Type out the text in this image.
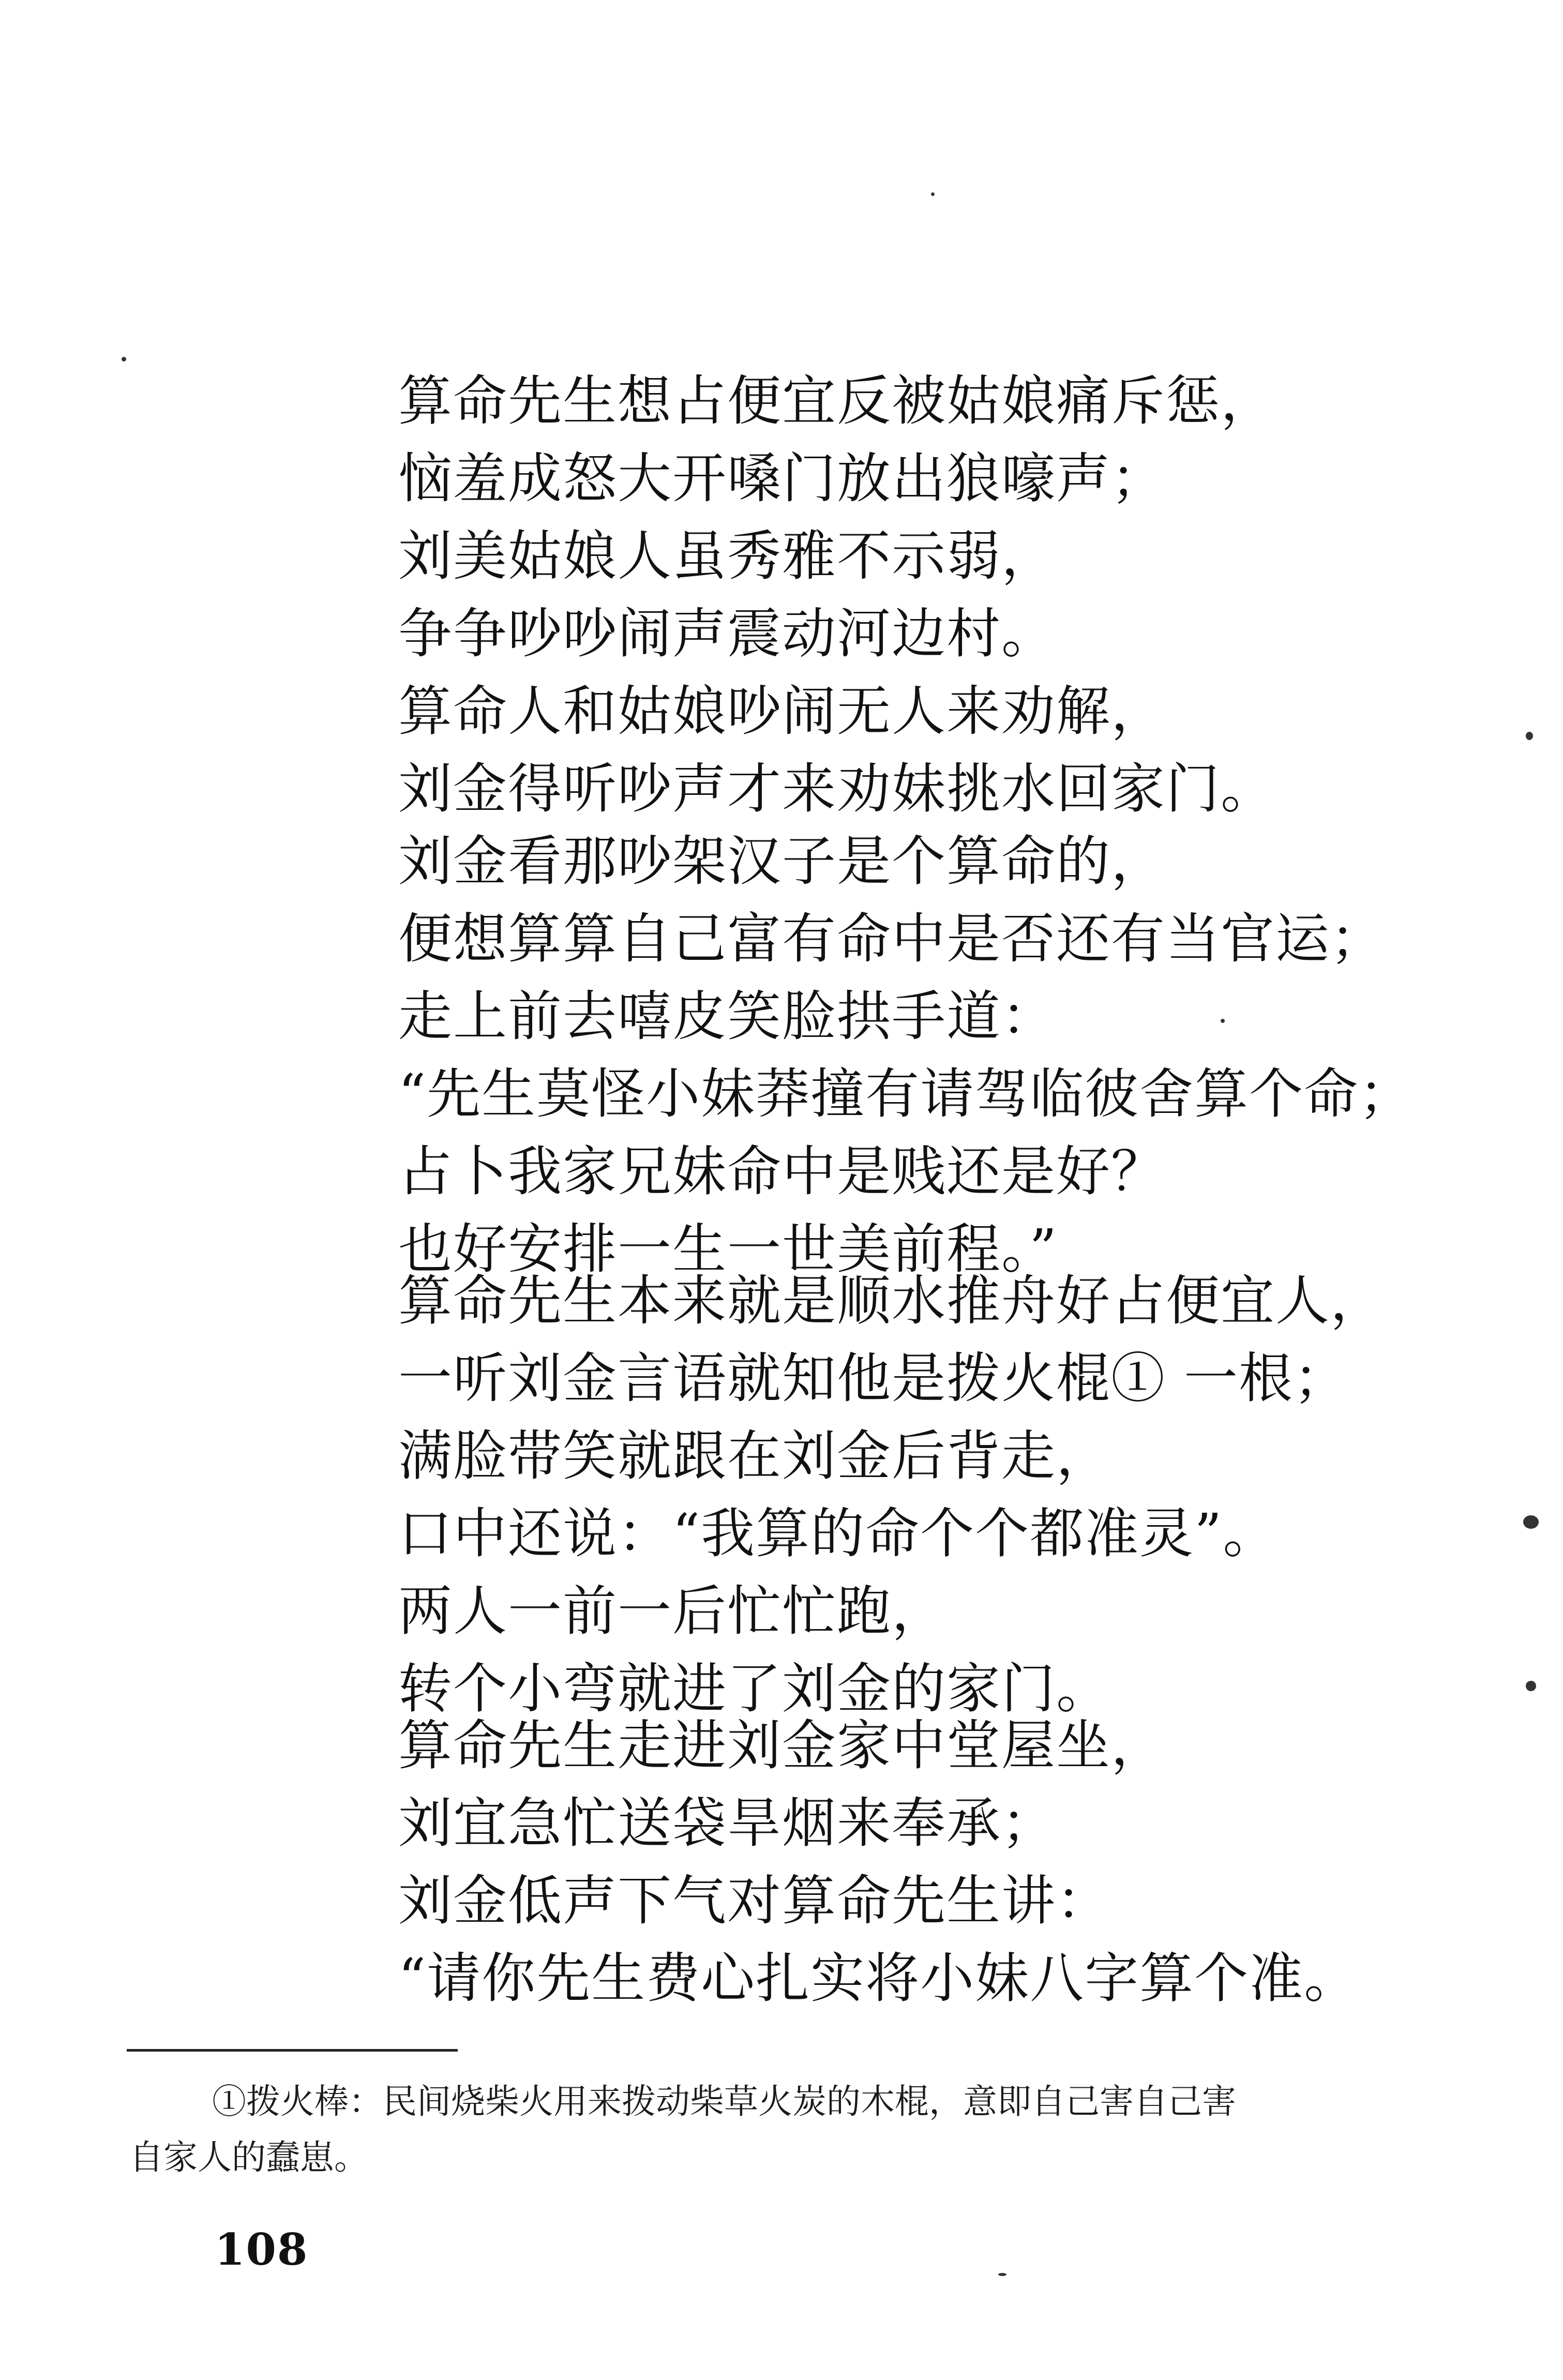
算命先生想占便宜反被姑娘痛斥惩，
恼羞成怒大开嗓门放出狼嚎声；
刘美姑娘人虽秀雅不示弱，
争争吵吵闹声震动河边村。
算命人和姑娘吵闹无人来劝解，
刘金得听吵声才来劝妹挑水回家门。
刘金看那吵架汉子是个算命的，
便想算算自己富有命中是否还有当官运；
走上前去嘻皮笑脸拱手道：
“先生莫怪小妹莽撞有请驾临彼舍算个命；
占卜我家兄妹命中是贱还是好？
也好安排一生一世美前程。”
算命先生本来就是顺水推舟好占便宜人，
一听刘金言语就知他是拨火棍① 一根；
满脸带笑就跟在刘金后背走，
口中还说：“我算的命个个都准灵”。
两人一前一后忙忙跑，
转个小弯就进了刘金的家门。
算命先生走进刘金家中堂屋坐，
刘宜急忙送袋旱烟来奉承；
刘金低声下气对算命先生讲：
“请你先生费心扎实将小妹八字算个准。
①拨火棒：民间烧柴火用来拨动柴草火炭的木棍，意即自己害自己害
自家人的蠢崽。
108
